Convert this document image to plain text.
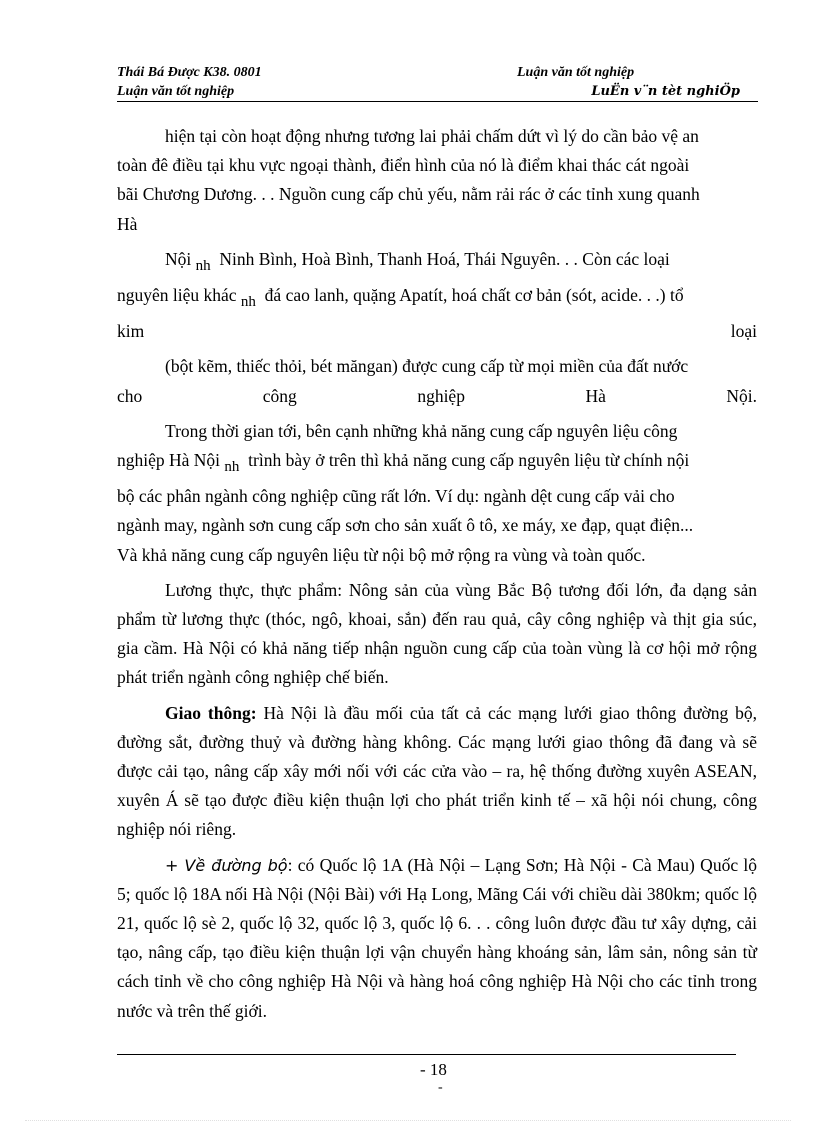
Thái Bá Được K38. 0801	Luận văn tốt nghiệp
Luận văn tốt nghiệp	LuËn v¨n tèt nghiÖp
hiện tại còn hoạt động nhưng tương lai phải chấm dứt vì lý do cần bảo vệ an
toàn đê điều tại khu vực ngoại thành, điển hình của nó là điểm khai thác cát ngoài
bãi Chương Dương. . . Nguồn cung cấp chủ yếu, nằm rải rác ở các tỉnh xung quanh
Hà
Nội nh Ninh Bình, Hoà Bình, Thanh Hoá, Thái Nguyên. . . Còn các loại
nguyên liệu khác nh đá cao lanh, quặng Apatít, hoá chất cơ bản (sót, acide. . .) tổ
kim	loại
(bột kẽm, thiếc thỏi, bét măngan) được cung cấp từ mọi miền của đất nước
cho	công	nghiệp	Hà	Nội.
Trong thời gian tới, bên cạnh những khả năng cung cấp nguyên liệu công
nghiệp Hà Nội nh trình bày ở trên thì khả năng cung cấp nguyên liệu từ chính nội
bộ các phân ngành công nghiệp cũng rất lớn. Ví dụ: ngành dệt cung cấp vải cho
ngành may, ngành sơn cung cấp sơn cho sản xuất ô tô, xe máy, xe đạp, quạt điện...
Và khả năng cung cấp nguyên liệu từ nội bộ mở rộng ra vùng và toàn quốc.

Lương thực, thực phẩm: Nông sản của vùng Bắc Bộ tương đối lớn, đa dạng sản phẩm từ lương thực (thóc, ngô, khoai, sắn) đến rau quả, cây công nghiệp và thịt gia súc, gia cầm. Hà Nội có khả năng tiếp nhận nguồn cung cấp của toàn vùng là cơ hội mở rộng phát triển ngành công nghiệp chế biến.

Giao thông: Hà Nội là đầu mối của tất cả các mạng lưới giao thông đường bộ, đường sắt, đường thuỷ và đường hàng không. Các mạng lưới giao thông đã đang và sẽ được cải tạo, nâng cấp xây mới nối với các cửa vào – ra, hệ thống đường xuyên ASEAN, xuyên Á sẽ tạo được điều kiện thuận lợi cho phát triển kinh tế – xã hội nói chung, công nghiệp nói riêng.

+ Về đường bộ: có Quốc lộ 1A (Hà Nội – Lạng Sơn; Hà Nội - Cà Mau) Quốc lộ 5; quốc lộ 18A nối Hà Nội (Nội Bài) với Hạ Long, Mãng Cái với chiều dài 380km; quốc lộ 21, quốc lộ sè 2, quốc lộ 32, quốc lộ 3, quốc lộ 6. . . công luôn được đầu tư xây dựng, cải tạo, nâng cấp, tạo điều kiện thuận lợi vận chuyển hàng khoáng sản, lâm sản, nông sản từ cách tỉnh về cho công nghiệp Hà Nội và hàng hoá công nghiệp Hà Nội cho các tỉnh trong nước và trên thế giới.

- 18
-
